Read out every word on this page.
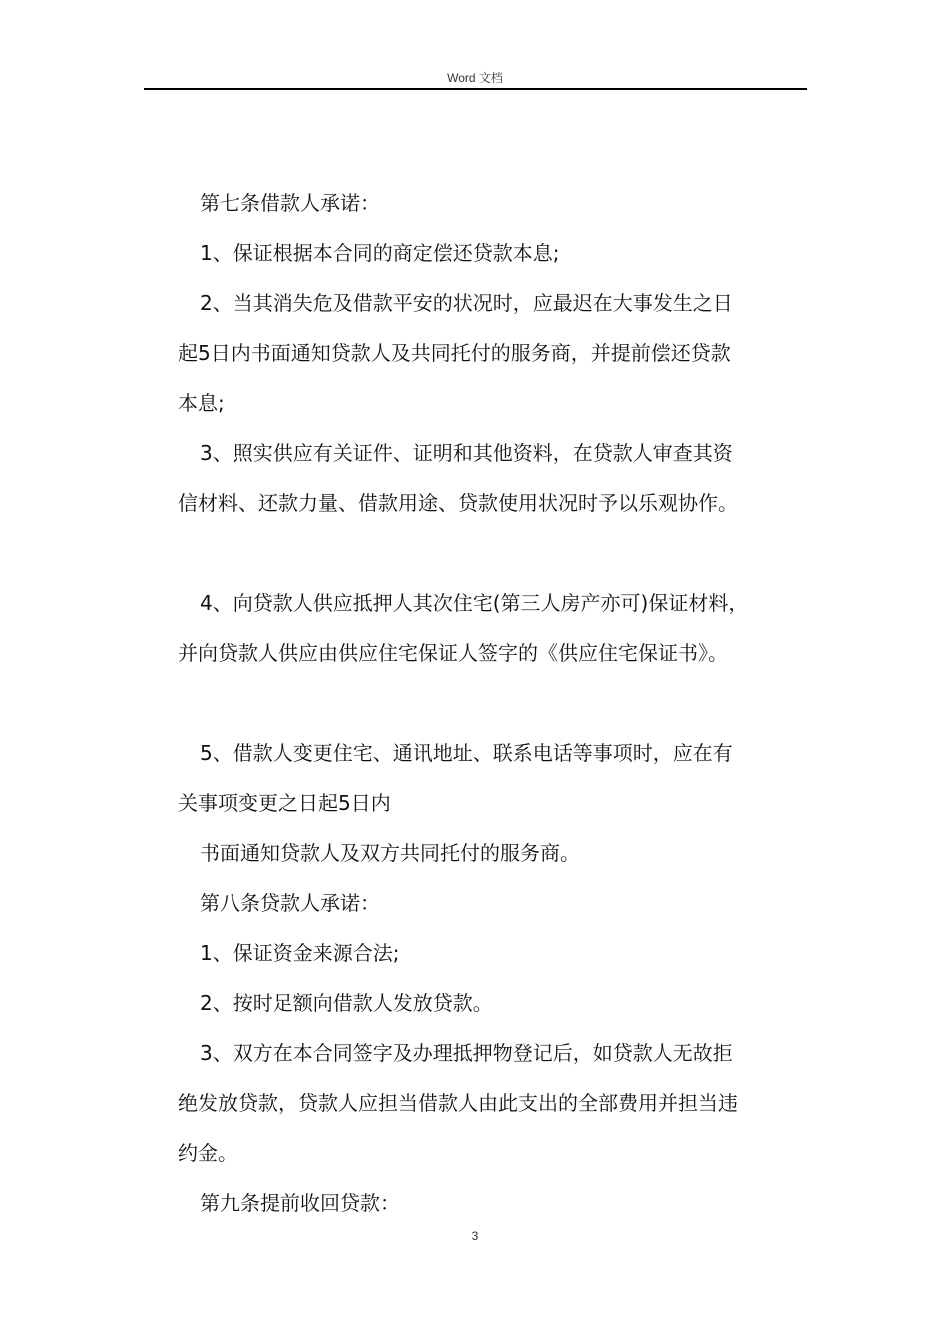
Word 文档
第七条借款人承诺：
1、保证根据本合同的商定偿还贷款本息;
2、当其消失危及借款平安的状况时，应最迟在大事发生之日
起5日内书面通知贷款人及共同托付的服务商，并提前偿还贷款
本息;
3、照实供应有关证件、证明和其他资料，在贷款人审查其资
信材料、还款力量、借款用途、贷款使用状况时予以乐观协作。
4、向贷款人供应抵押人其次住宅(第三人房产亦可)保证材料，
并向贷款人供应由供应住宅保证人签字的《供应住宅保证书》。
5、借款人变更住宅、通讯地址、联系电话等事项时，应在有
关事项变更之日起5日内
书面通知贷款人及双方共同托付的服务商。
第八条贷款人承诺：
1、保证资金来源合法;
2、按时足额向借款人发放贷款。
3、双方在本合同签字及办理抵押物登记后，如贷款人无故拒
绝发放贷款，贷款人应担当借款人由此支出的全部费用并担当违
约金。
第九条提前收回贷款：
3
